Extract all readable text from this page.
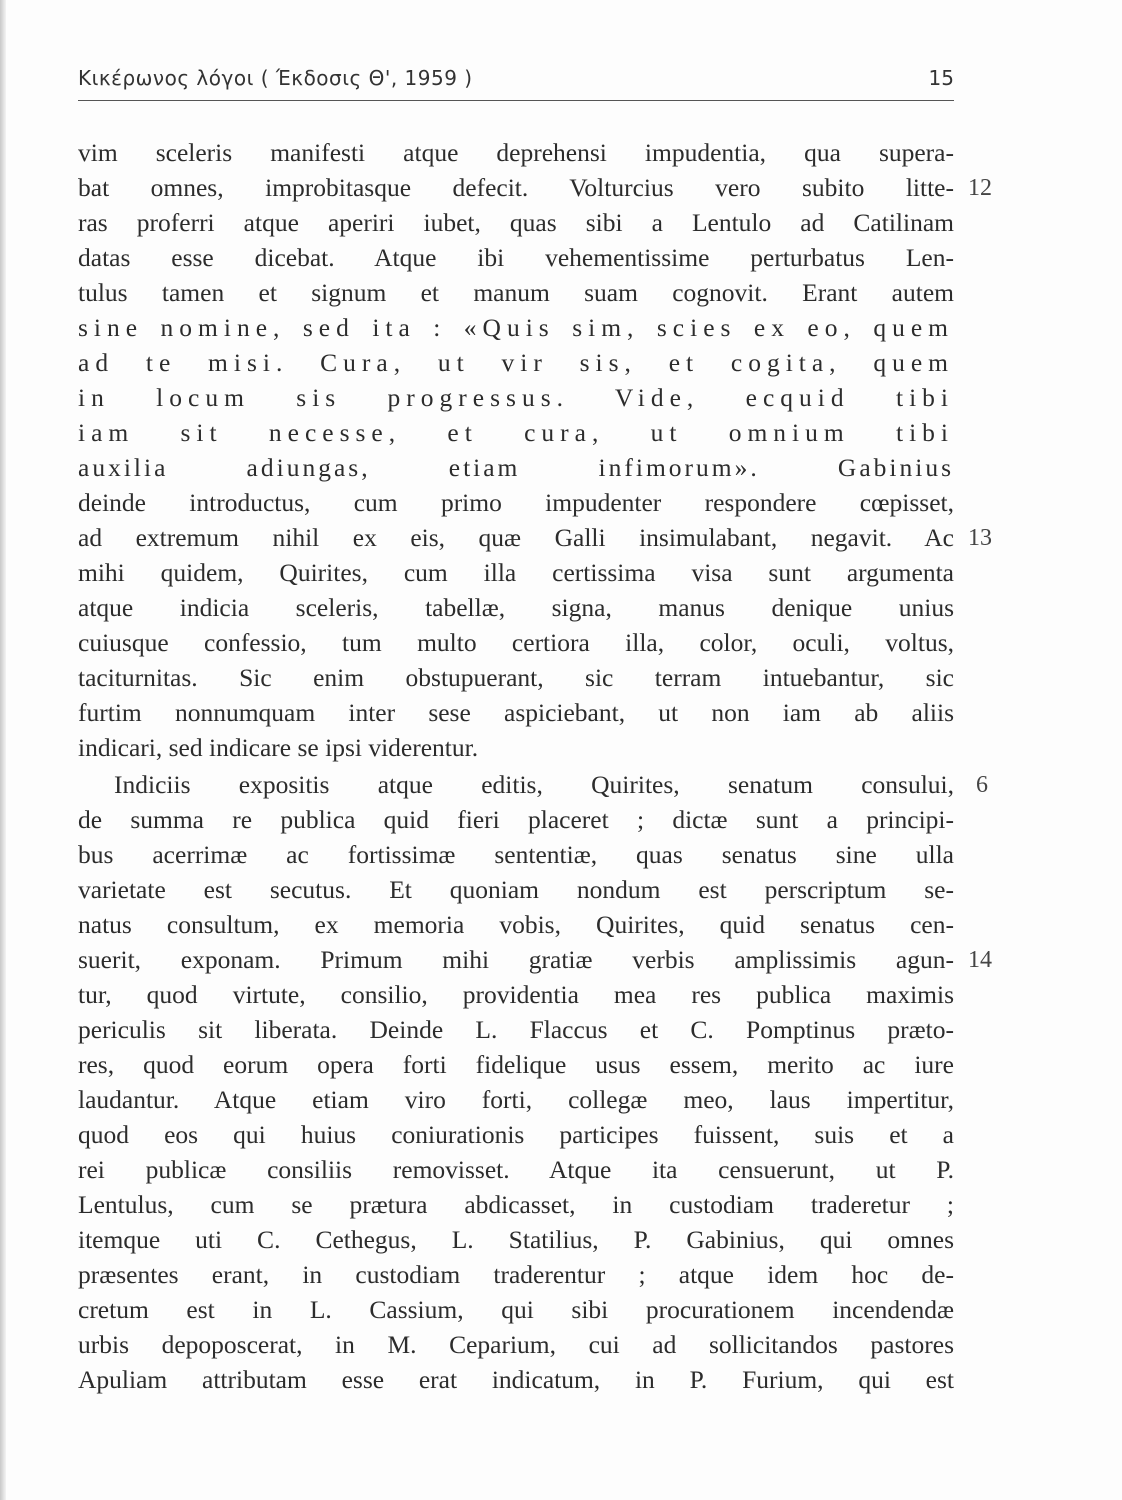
Κικέρωνος λόγοι ( Έκδοσις Θ', 1959 )	15
vim sceleris manifesti atque deprehensi impudentia, qua supera-
bat omnes, improbitasque defecit. Volturcius vero subito litte-
ras proferri atque aperiri iubet, quas sibi a Lentulo ad Catilinam
datas esse dicebat. Atque ibi vehementissime perturbatus Len-
tulus tamen et signum et manum suam cognovit. Erant autem
sine nomine, sed ita : «Quis sim, scies ex eo, quem
ad te misi. Cura, ut vir sis, et cogita, quem
in locum sis progressus. Vide, ecquid tibi
iam sit necesse, et cura, ut omnium tibi
auxilia adiungas, etiam infimorum». Gabinius
deinde introductus, cum primo impudenter respondere cœpisset,
ad extremum nihil ex eis, quæ Galli insimulabant, negavit. Ac
mihi quidem, Quirites, cum illa certissima visa sunt argumenta
atque indicia sceleris, tabellæ, signa, manus denique unius
cuiusque confessio, tum multo certiora illa, color, oculi, voltus,
taciturnitas. Sic enim obstupuerant, sic terram intuebantur, sic
furtim nonnumquam inter sese aspiciebant, ut non iam ab aliis
indicari, sed indicare se ipsi viderentur.
Indiciis expositis atque editis, Quirites, senatum consului,
de summa re publica quid fieri placeret ; dictæ sunt a principi-
bus acerrimæ ac fortissimæ sententiæ, quas senatus sine ulla
varietate est secutus. Et quoniam nondum est perscriptum se-
natus consultum, ex memoria vobis, Quirites, quid senatus cen-
suerit, exponam. Primum mihi gratiæ verbis amplissimis agun-
tur, quod virtute, consilio, providentia mea res publica maximis
periculis sit liberata. Deinde L. Flaccus et C. Pomptinus præto-
res, quod eorum opera forti fidelique usus essem, merito ac iure
laudantur. Atque etiam viro forti, collegæ meo, laus impertitur,
quod eos qui huius coniurationis participes fuissent, suis et a
rei publicæ consiliis removisset. Atque ita censuerunt, ut P.
Lentulus, cum se prætura abdicasset, in custodiam traderetur ;
itemque uti C. Cethegus, L. Statilius, P. Gabinius, qui omnes
præsentes erant, in custodiam traderentur ; atque idem hoc de-
cretum est in L. Cassium, qui sibi procurationem incendendæ
urbis depoposcerat, in M. Ceparium, cui ad sollicitandos pastores
Apuliam attributam esse erat indicatum, in P. Furium, qui est
12
13
6
14
